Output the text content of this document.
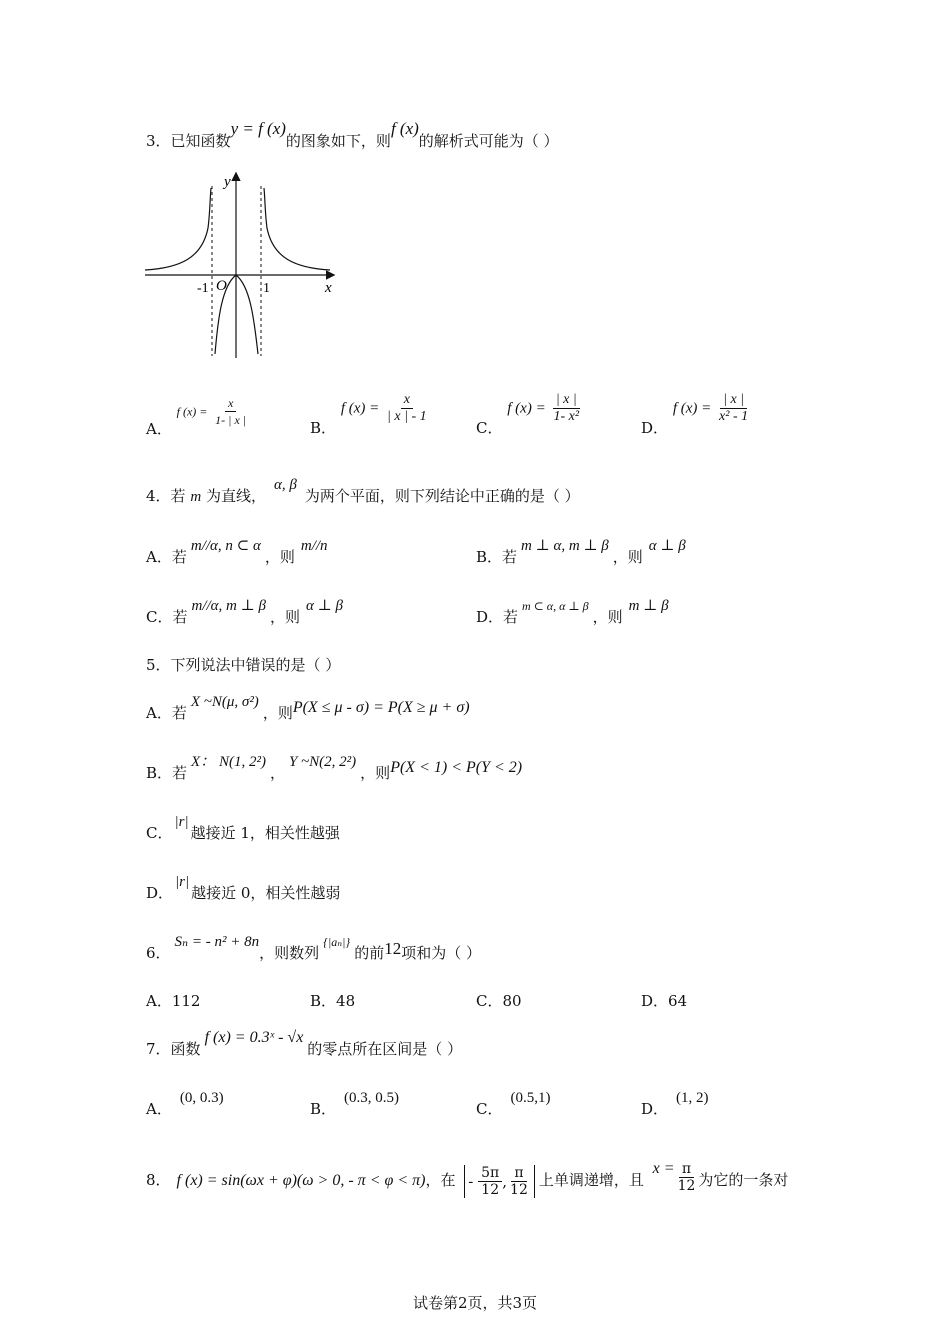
3．已知函数y = f (x)的图象如下，则f (x)的解析式可能为（ ）
y
x
O
-1	1
A． f $(x) = \frac{x}{1- | x |}$	B． f $(x) = \frac{x}{| x | - 1}$
C． f $(x) = \frac{| x |}{\text{1- x²}}$
D． f $(x) = \frac{| x |}{\text{x² - 1}}$
4．若 m 为直线，α, β为两个平面，则下列结论中正确的是（ ）
A．若m//α, n ⊂ α，则m//n
B．若m ⊥ α, m ⊥ β，则α ⊥ β
C．若m//α, m ⊥ β，则α ⊥ β
D．若$^{m \subset \alpha, \alpha \perp \beta}$，则m ⊥ β
5．下列说法中错误的是（ ）
A．若X ~N(μ, σ²)，则P(X ≤ μ - σ) = P(X ≥ μ + σ)
B．若X： N(1, 2²)，Y ~N(2, 2²)，则P(X < 1) < P(Y < 2)
C．|r|越接近 1，相关性越强
D．|r|越接近 0，相关性越弱
6．Sₙ = - n² + 8n，则数列$^{\{|a_n|\}}$的前12项和为（ ）
A．112	B．48	C．80	D．64
7．函数f (x) = 0.3ˣ - √x的零点所在区间是（ ）
A．(0, 0.3)
B．(0.3, 0.5)
C．(0.5,1)
D．(1, 2)
8． f (x) = sin(ωx + φ)(ω > 0, - π < φ < π)，在 - $\frac{5\pi}{12}$ , $\frac{\pi}{12}$ 上单调递增，且 $x = \frac{\pi}{12}$ 为它的一条对
试卷第2页，共3页
